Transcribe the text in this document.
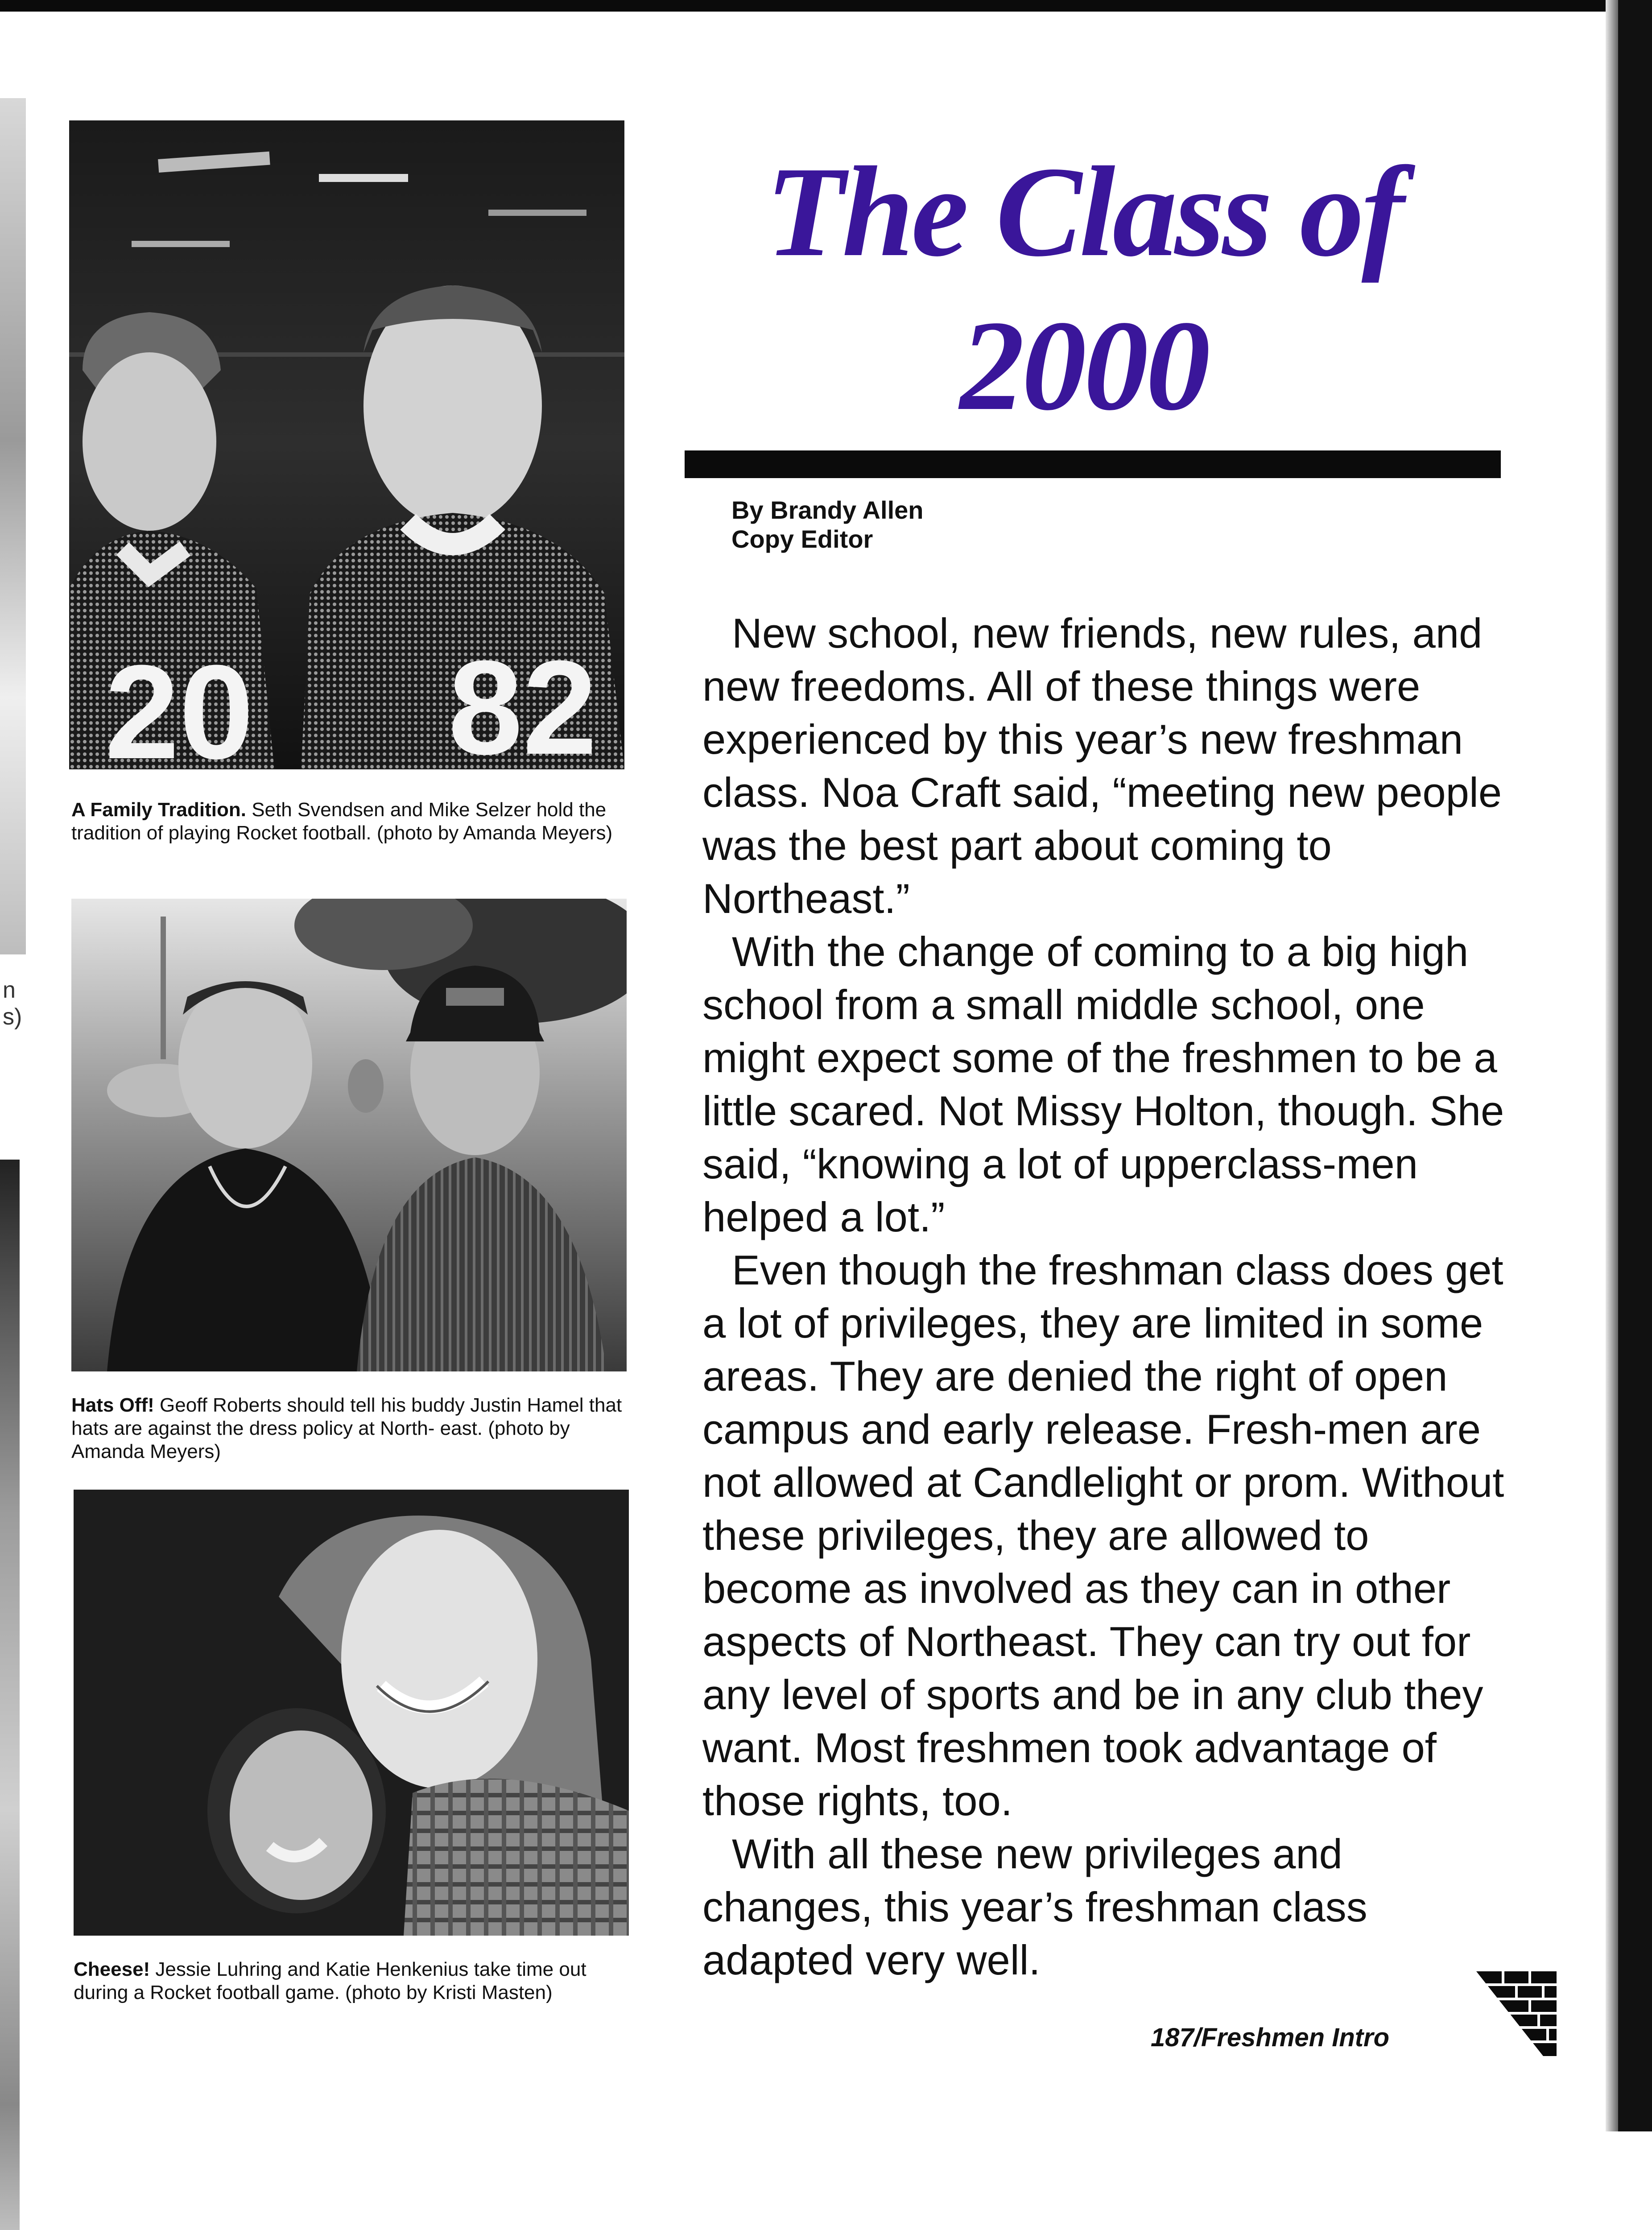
n
s)
20 82
A Family Tradition. Seth Svendsen and Mike Selzer hold the tradition of playing Rocket football. (photo by Amanda Meyers)
Hats Off! Geoff Roberts should tell his buddy Justin Hamel that hats are against the dress policy at North- east. (photo by Amanda Meyers)
Cheese! Jessie Luhring and Katie Henkenius take time out during a Rocket football game. (photo by Kristi Masten)
The Class of
2000
By Brandy Allen
Copy Editor

New school, new friends, new rules, and new freedoms. All of these things were experienced by this year’s new freshman class. Noa Craft said, “meeting new people was the best part about coming to Northeast.”

With the change of coming to a big high school from a small middle school, one might expect some of the freshmen to be a little scared. Not Missy Holton, though. She said, “knowing a lot of upperclass-men helped a lot.”

Even though the freshman class does get a lot of privileges, they are limited in some areas. They are denied the right of open campus and early release. Fresh-men are not allowed at Candlelight or prom. Without these privileges, they are allowed to become as involved as they can in other aspects of Northeast. They can try out for any level of sports and be in any club they want. Most freshmen took advantage of those rights, too.

With all these new privileges and changes, this year’s freshman class adapted very well.

187/Freshmen Intro
